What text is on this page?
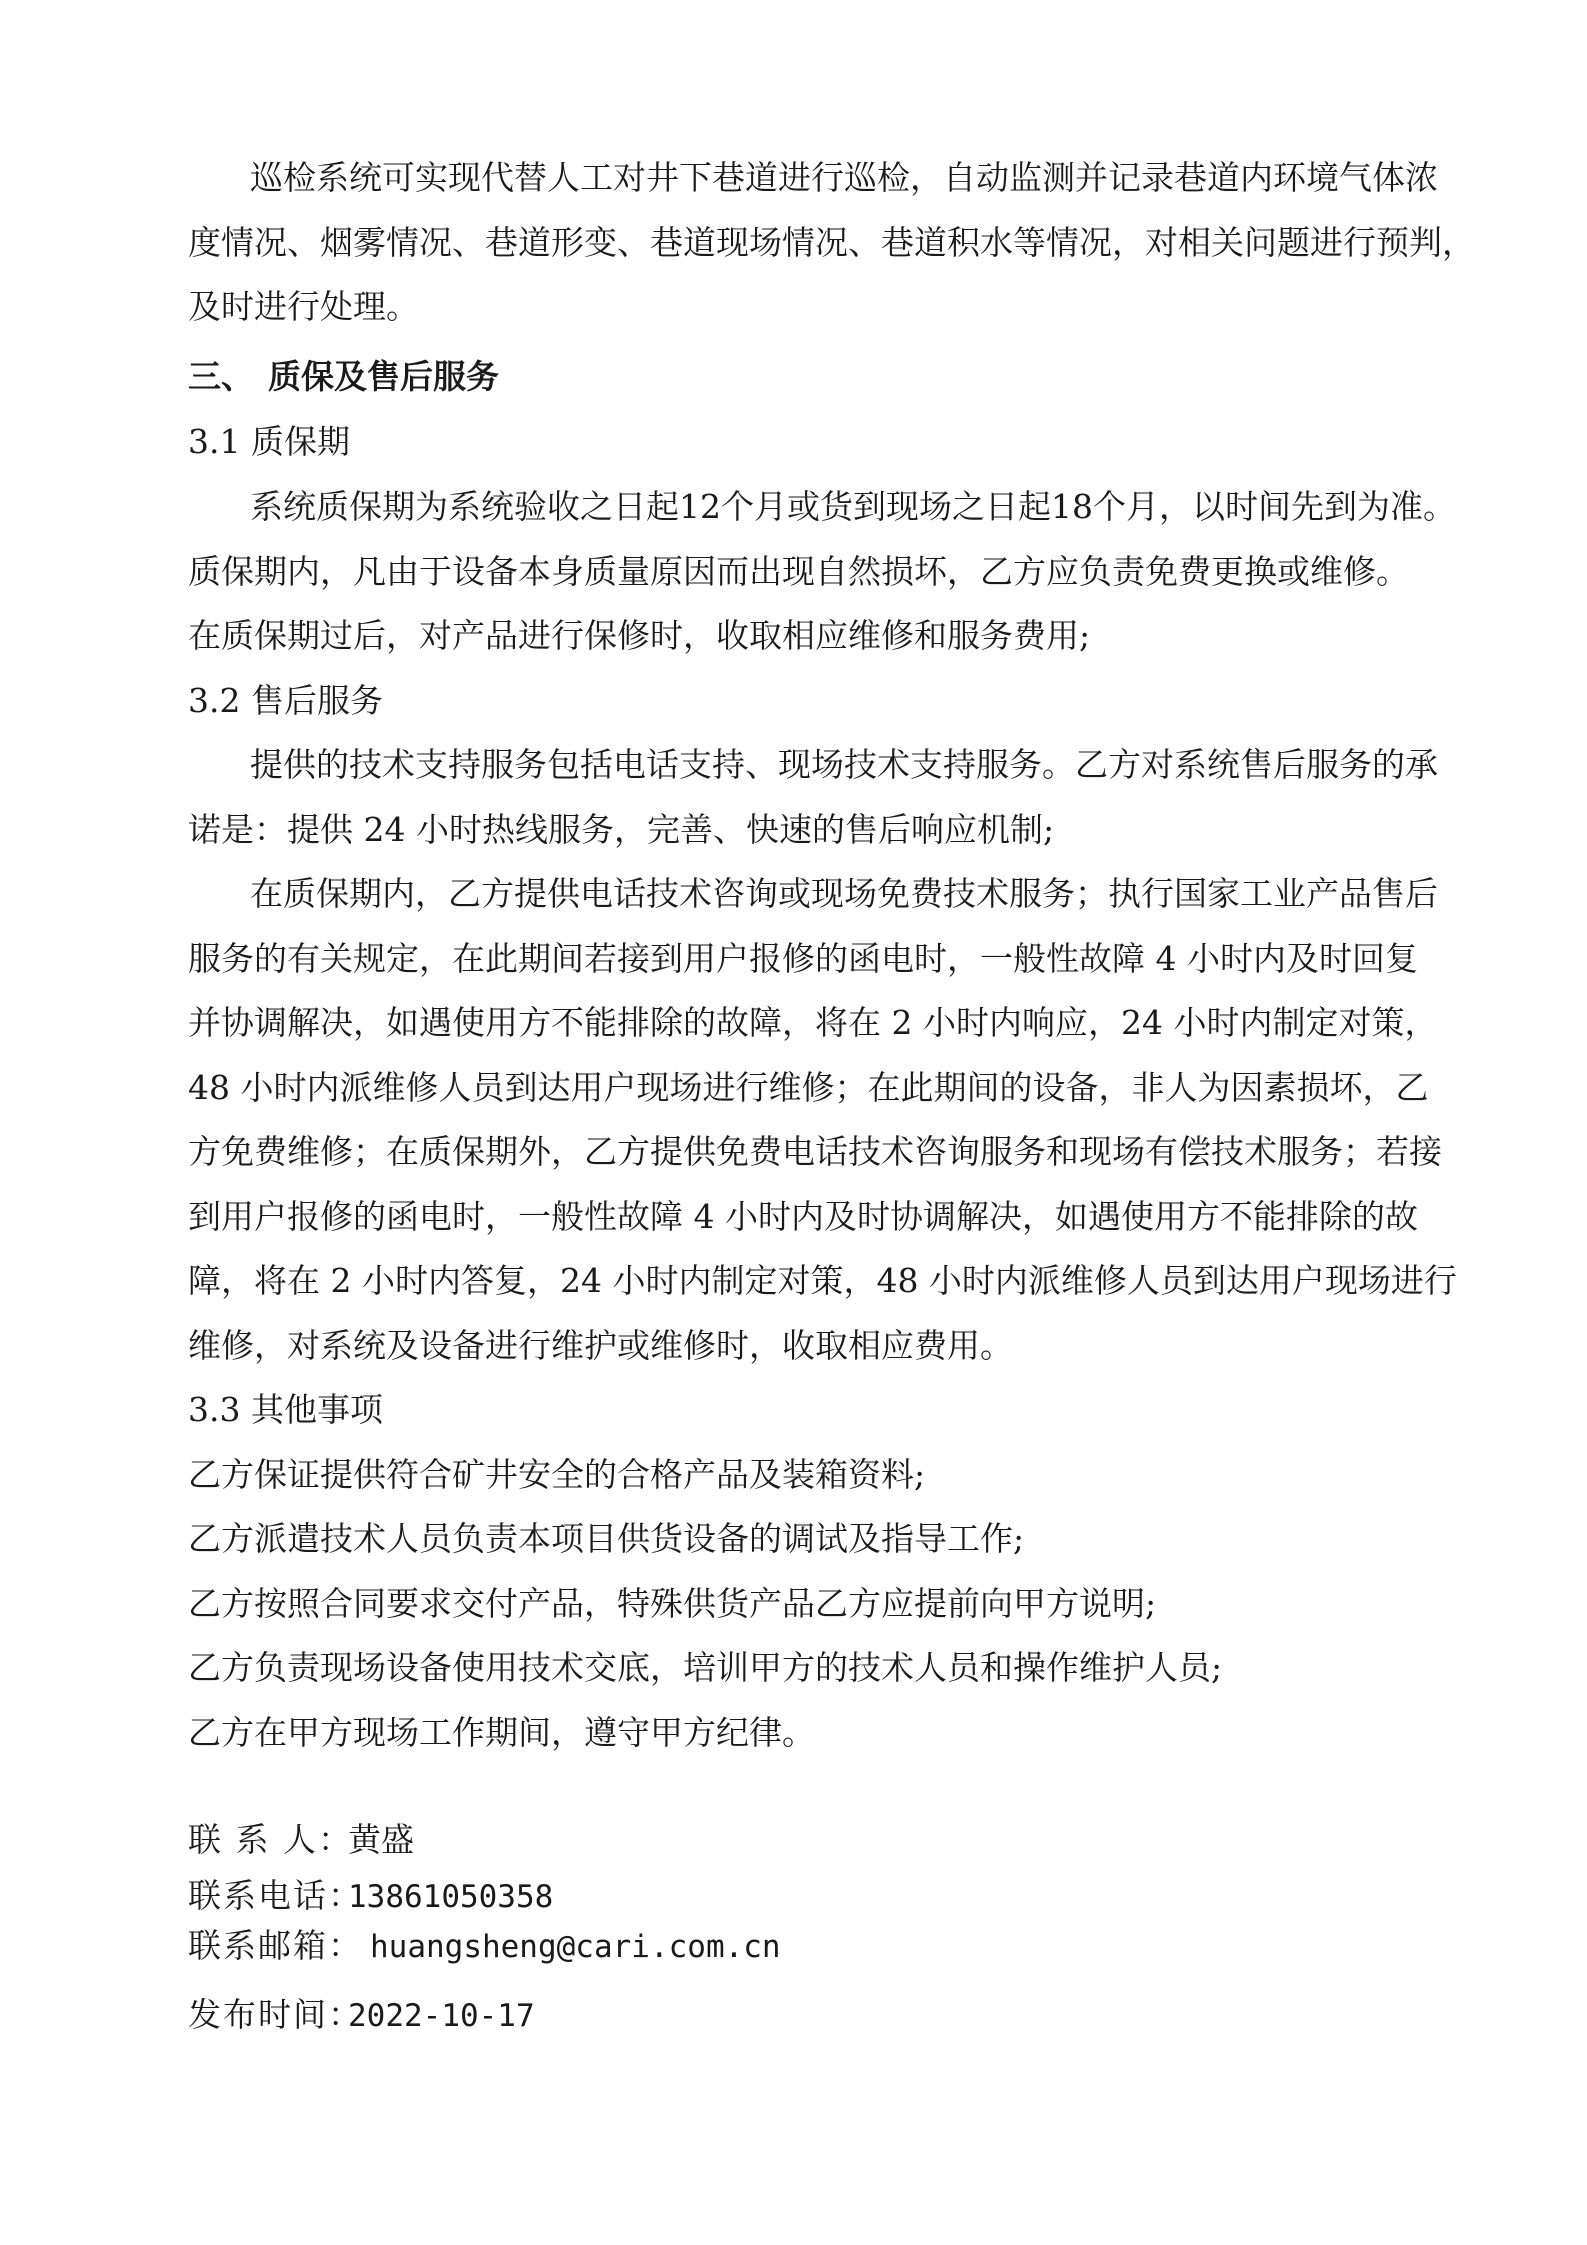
巡检系统可实现代替人工对井下巷道进行巡检，自动监测并记录巷道内环境气体浓
度情况、烟雾情况、巷道形变、巷道现场情况、巷道积水等情况，对相关问题进行预判，
及时进行处理。
三、 质保及售后服务
3.1 质保期
系统质保期为系统验收之日起12个月或货到现场之日起18个月，以时间先到为准。
质保期内，凡由于设备本身质量原因而出现自然损坏，乙方应负责免费更换或维修。
在质保期过后，对产品进行保修时，收取相应维修和服务费用;
3.2 售后服务
提供的技术支持服务包括电话支持、现场技术支持服务。乙方对系统售后服务的承
诺是：提供 24 小时热线服务，完善、快速的售后响应机制;
在质保期内，乙方提供电话技术咨询或现场免费技术服务；执行国家工业产品售后
服务的有关规定，在此期间若接到用户报修的函电时，一般性故障 4 小时内及时回复
并协调解决，如遇使用方不能排除的故障，将在 2 小时内响应，24 小时内制定对策，
48 小时内派维修人员到达用户现场进行维修；在此期间的设备，非人为因素损坏，乙
方免费维修；在质保期外，乙方提供免费电话技术咨询服务和现场有偿技术服务；若接
到用户报修的函电时，一般性故障 4 小时内及时协调解决，如遇使用方不能排除的故
障，将在 2 小时内答复，24 小时内制定对策，48 小时内派维修人员到达用户现场进行
维修，对系统及设备进行维护或维修时，收取相应费用。
3.3 其他事项
乙方保证提供符合矿井安全的合格产品及装箱资料;
乙方派遣技术人员负责本项目供货设备的调试及指导工作;
乙方按照合同要求交付产品，特殊供货产品乙方应提前向甲方说明;
乙方负责现场设备使用技术交底，培训甲方的技术人员和操作维护人员;
乙方在甲方现场工作期间，遵守甲方纪律。
联 系 人：黄盛
联系电话：13861050358
联系邮箱： huangsheng@cari.com.cn
发布时间：2022-10-17
